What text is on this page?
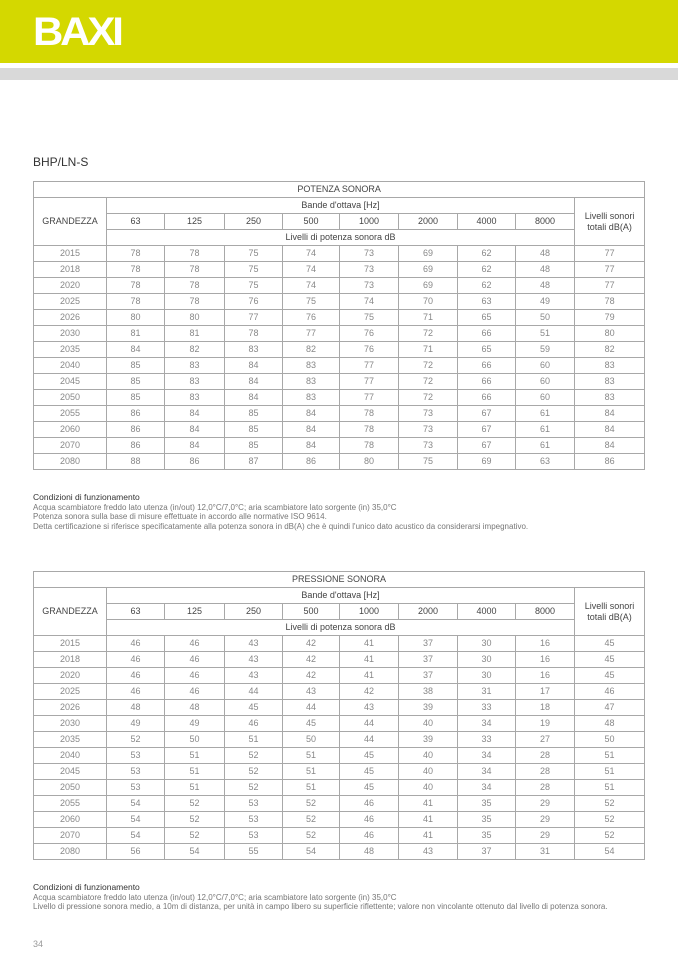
BAXI
BHP/LN-S
POTENZA SONORA									
GRANDEZZA	Bande d'ottava [Hz]								Livelli sonori totali dB(A)
	63	125	250	500	1000	2000	4000	8000	
	Livelli di potenza sonora dB								
2015	78	78	75	74	73	69	62	48	77
2018	78	78	75	74	73	69	62	48	77
2020	78	78	75	74	73	69	62	48	77
2025	78	78	76	75	74	70	63	49	78
2026	80	80	77	76	75	71	65	50	79
2030	81	81	78	77	76	72	66	51	80
2035	84	82	83	82	76	71	65	59	82
2040	85	83	84	83	77	72	66	60	83
2045	85	83	84	83	77	72	66	60	83
2050	85	83	84	83	77	72	66	60	83
2055	86	84	85	84	78	73	67	61	84
2060	86	84	85	84	78	73	67	61	84
2070	86	84	85	84	78	73	67	61	84
2080	88	86	87	86	80	75	69	63	86
Condizioni di funzionamento
Acqua scambiatore freddo lato utenza (in/out) 12,0°C/7,0°C; aria scambiatore lato sorgente (in) 35,0°C
Potenza sonora sulla base di misure effettuate in accordo alle normative ISO 9614.
Detta certificazione si riferisce specificatamente alla potenza sonora in dB(A) che è quindi l'unico dato acustico da considerarsi impegnativo.
PRESSIONE SONORA									
GRANDEZZA	Bande d'ottava [Hz]								Livelli sonori totali dB(A)
	63	125	250	500	1000	2000	4000	8000	
	Livelli di potenza sonora dB								
2015	46	46	43	42	41	37	30	16	45
2018	46	46	43	42	41	37	30	16	45
2020	46	46	43	42	41	37	30	16	45
2025	46	46	44	43	42	38	31	17	46
2026	48	48	45	44	43	39	33	18	47
2030	49	49	46	45	44	40	34	19	48
2035	52	50	51	50	44	39	33	27	50
2040	53	51	52	51	45	40	34	28	51
2045	53	51	52	51	45	40	34	28	51
2050	53	51	52	51	45	40	34	28	51
2055	54	52	53	52	46	41	35	29	52
2060	54	52	53	52	46	41	35	29	52
2070	54	52	53	52	46	41	35	29	52
2080	56	54	55	54	48	43	37	31	54
Condizioni di funzionamento
Acqua scambiatore freddo lato utenza (in/out) 12,0°C/7,0°C; aria scambiatore lato sorgente (in) 35,0°C
Livello di pressione sonora medio, a 10m di distanza, per unità in campo libero su superficie riflettente; valore non vincolante ottenuto dal livello di potenza sonora.
34
